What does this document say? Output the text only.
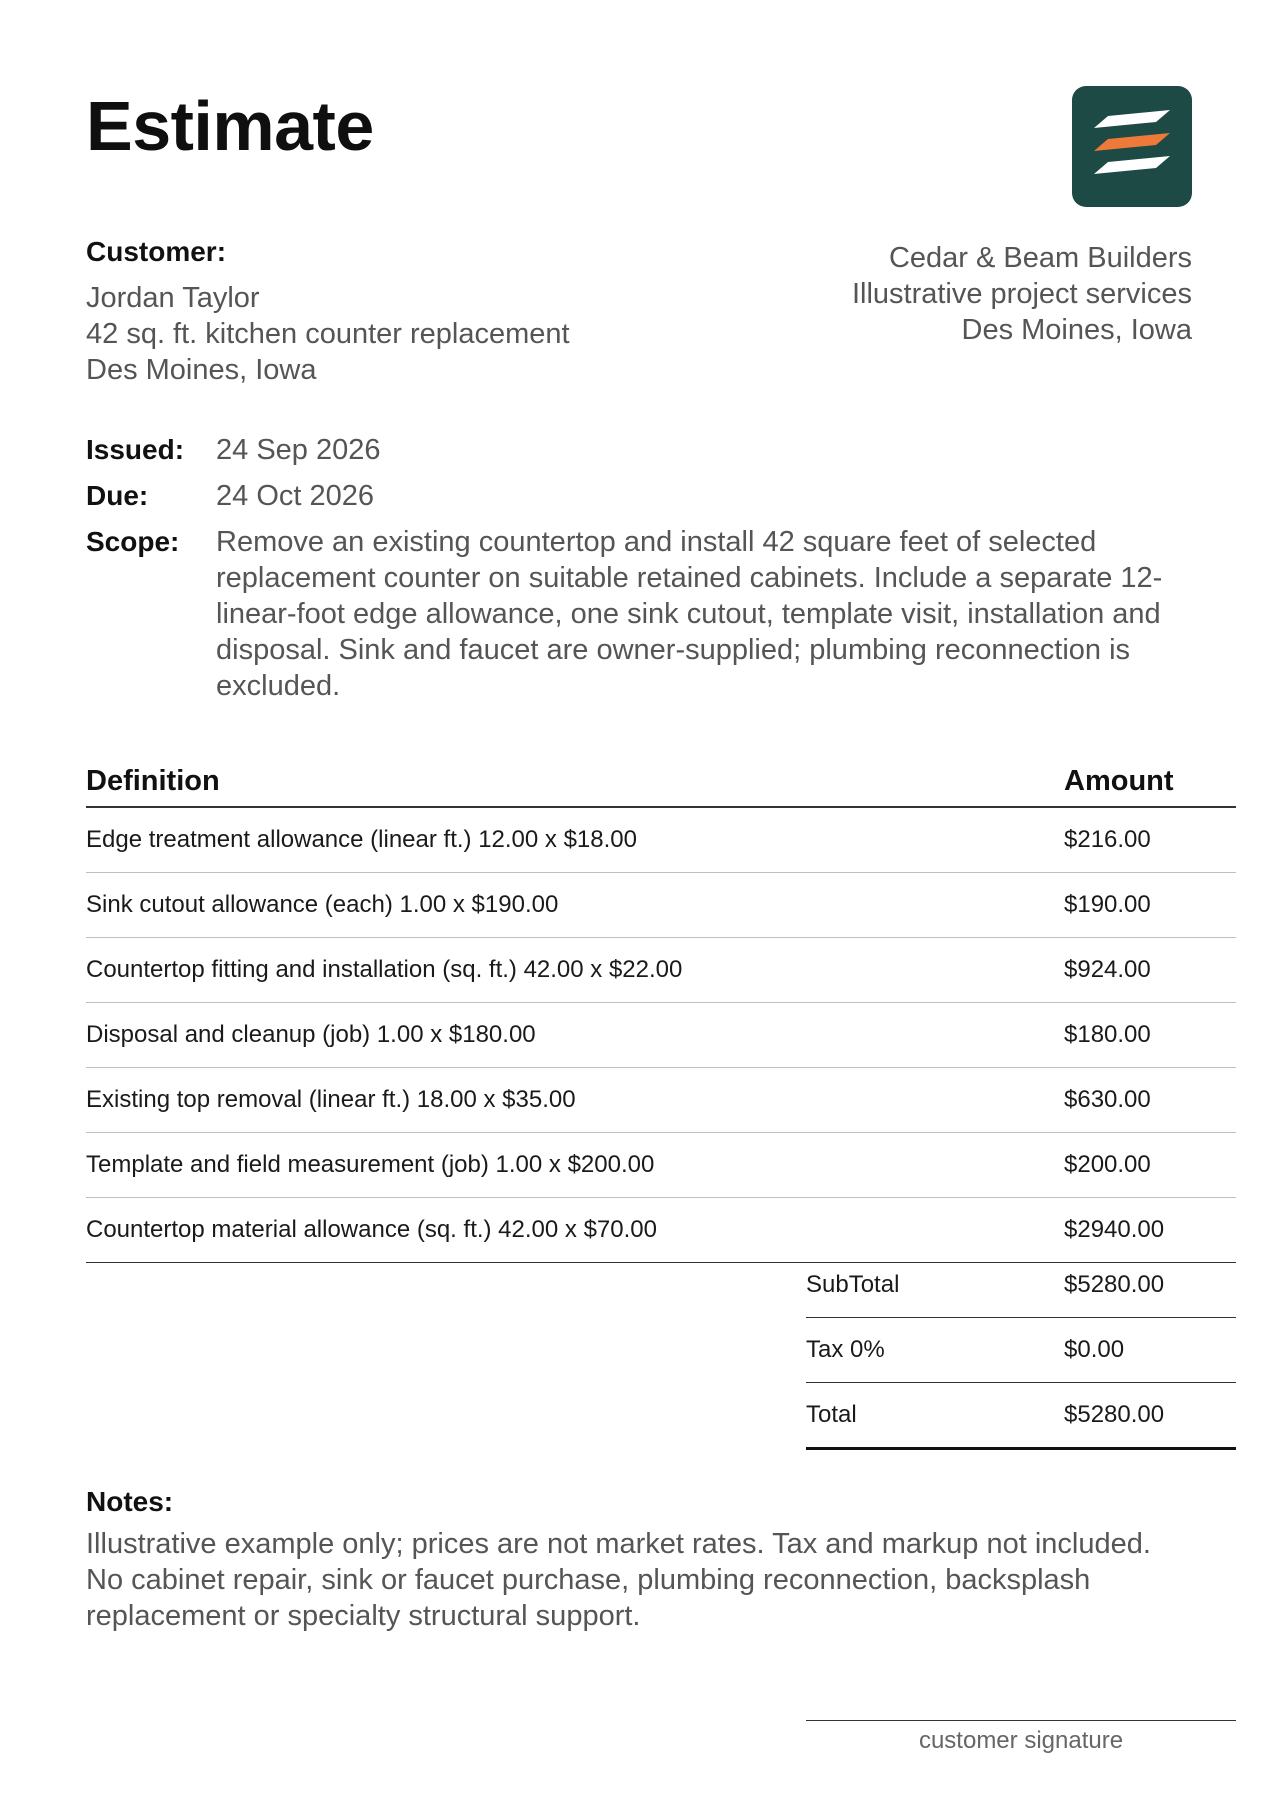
Estimate
Customer:
Jordan Taylor
42 sq. ft. kitchen counter replacement
Des Moines, Iowa
Cedar & Beam Builders
Illustrative project services
Des Moines, Iowa
Issued:	24 Sep 2026
Due:	24 Oct 2026
Scope:	Remove an existing countertop and install 42 square feet of selected replacement counter on suitable retained cabinets. Include a separate 12-linear-foot edge allowance, one sink cutout, template visit, installation and disposal. Sink and faucet are owner-supplied; plumbing reconnection is excluded.
Definition	Amount
Edge treatment allowance (linear ft.) 12.00 x $18.00	$216.00
Sink cutout allowance (each) 1.00 x $190.00	$190.00
Countertop fitting and installation (sq. ft.) 42.00 x $22.00	$924.00
Disposal and cleanup (job) 1.00 x $180.00	$180.00
Existing top removal (linear ft.) 18.00 x $35.00	$630.00
Template and field measurement (job) 1.00 x $200.00	$200.00
Countertop material allowance (sq. ft.) 42.00 x $70.00	$2940.00
SubTotal	$5280.00
Tax 0%	$0.00
Total	$5280.00
Notes:
Illustrative example only; prices are not market rates. Tax and markup not included. No cabinet repair, sink or faucet purchase, plumbing reconnection, backsplash replacement or specialty structural support.
customer signature
